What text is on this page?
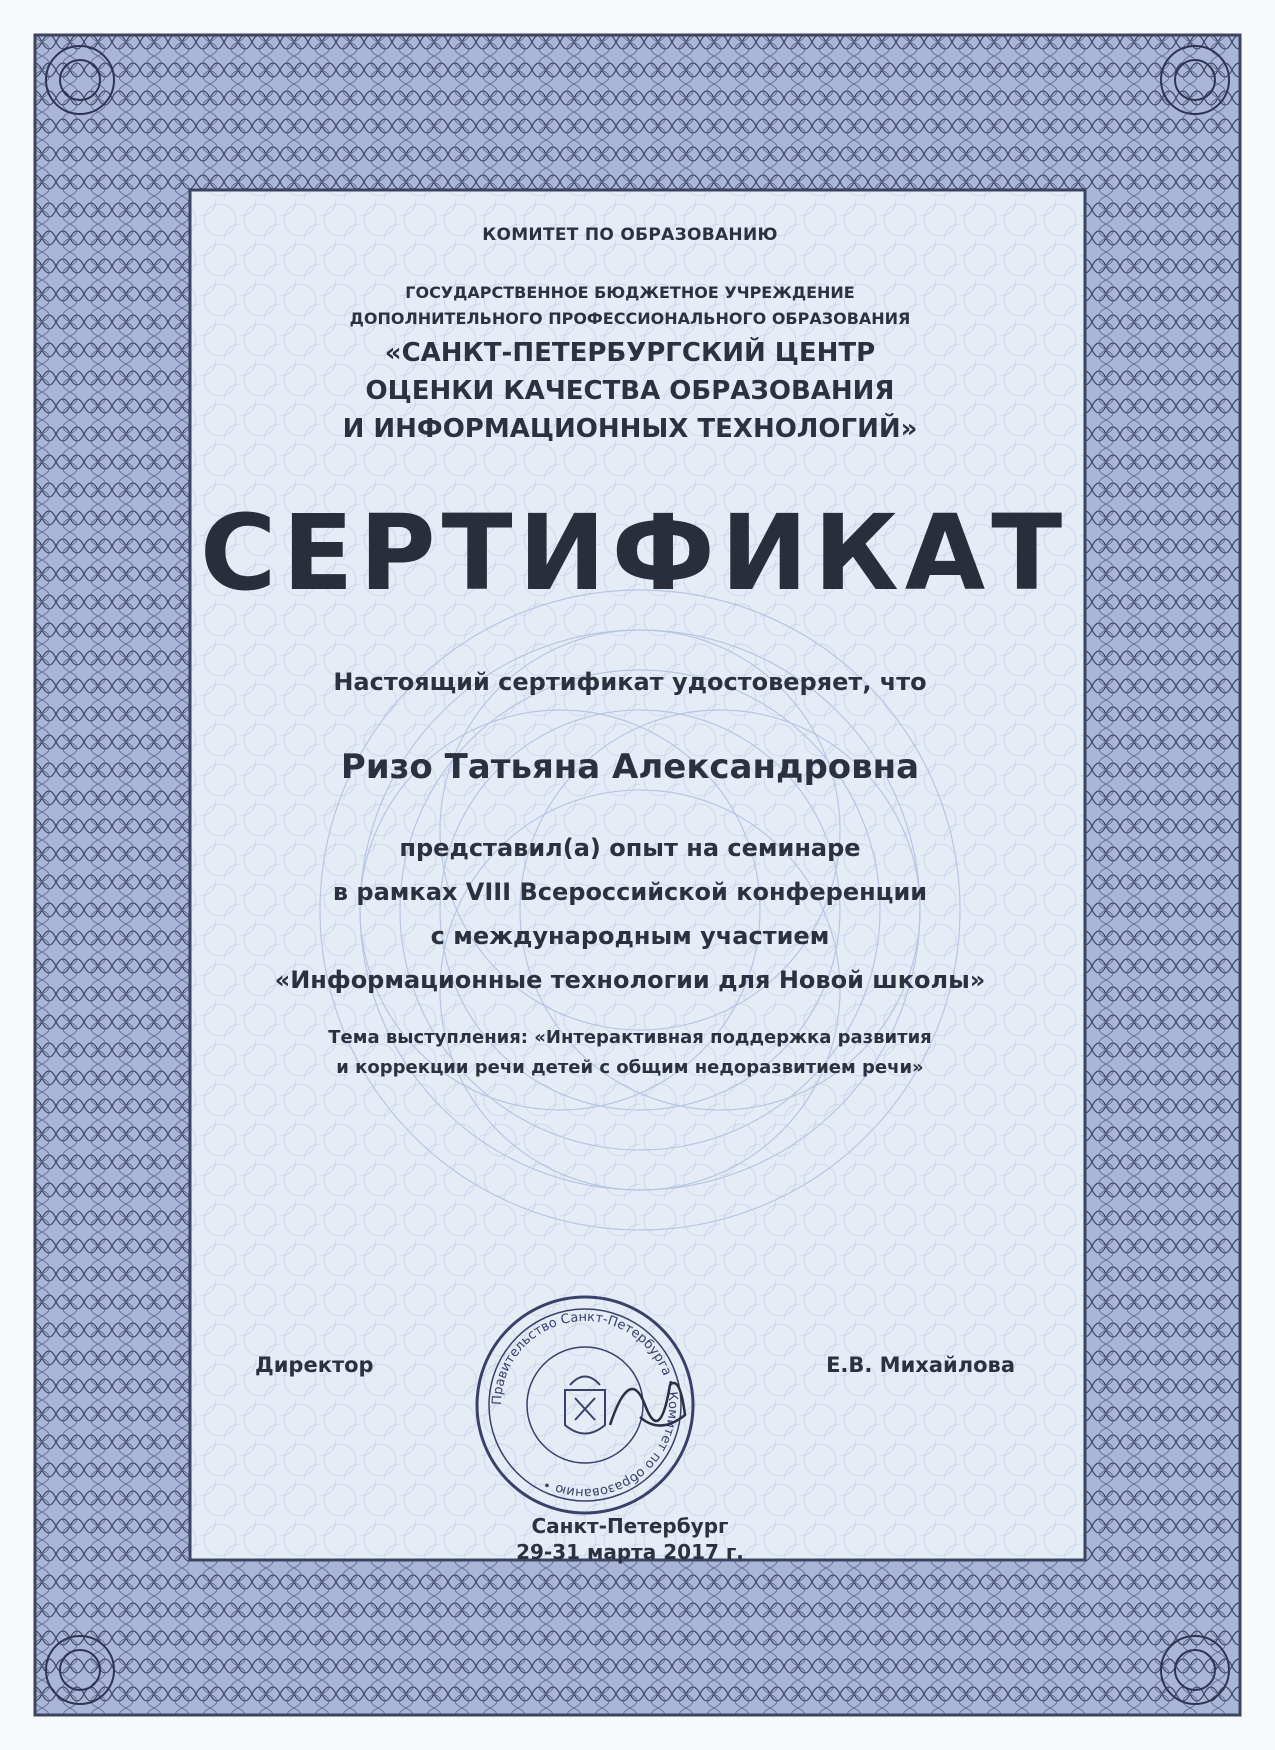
КОМИТЕТ ПО ОБРАЗОВАНИЮ
ГОСУДАРСТВЕННОЕ БЮДЖЕТНОЕ УЧРЕЖДЕНИЕ
ДОПОЛНИТЕЛЬНОГО ПРОФЕССИОНАЛЬНОГО ОБРАЗОВАНИЯ
«САНКТ-ПЕТЕРБУРГСКИЙ ЦЕНТР
ОЦЕНКИ КАЧЕСТВА ОБРАЗОВАНИЯ
И ИНФОРМАЦИОННЫХ ТЕХНОЛОГИЙ»
СЕРТИФИКАТ
Настоящий сертификат удостоверяет, что
Ризо Татьяна Александровна
представил(а) опыт на семинаре
в рамках VIII Всероссийской конференции
с международным участием
«Информационные технологии для Новой школы»
Тема выступления: «Интерактивная поддержка развития
и коррекции речи детей с общим недоразвитием речи»
Директор	Е.В. Михайлова
Санкт-Петербург
29-31 марта 2017 г.
Правительство Санкт-Петербурга • Комитет по образованию •
